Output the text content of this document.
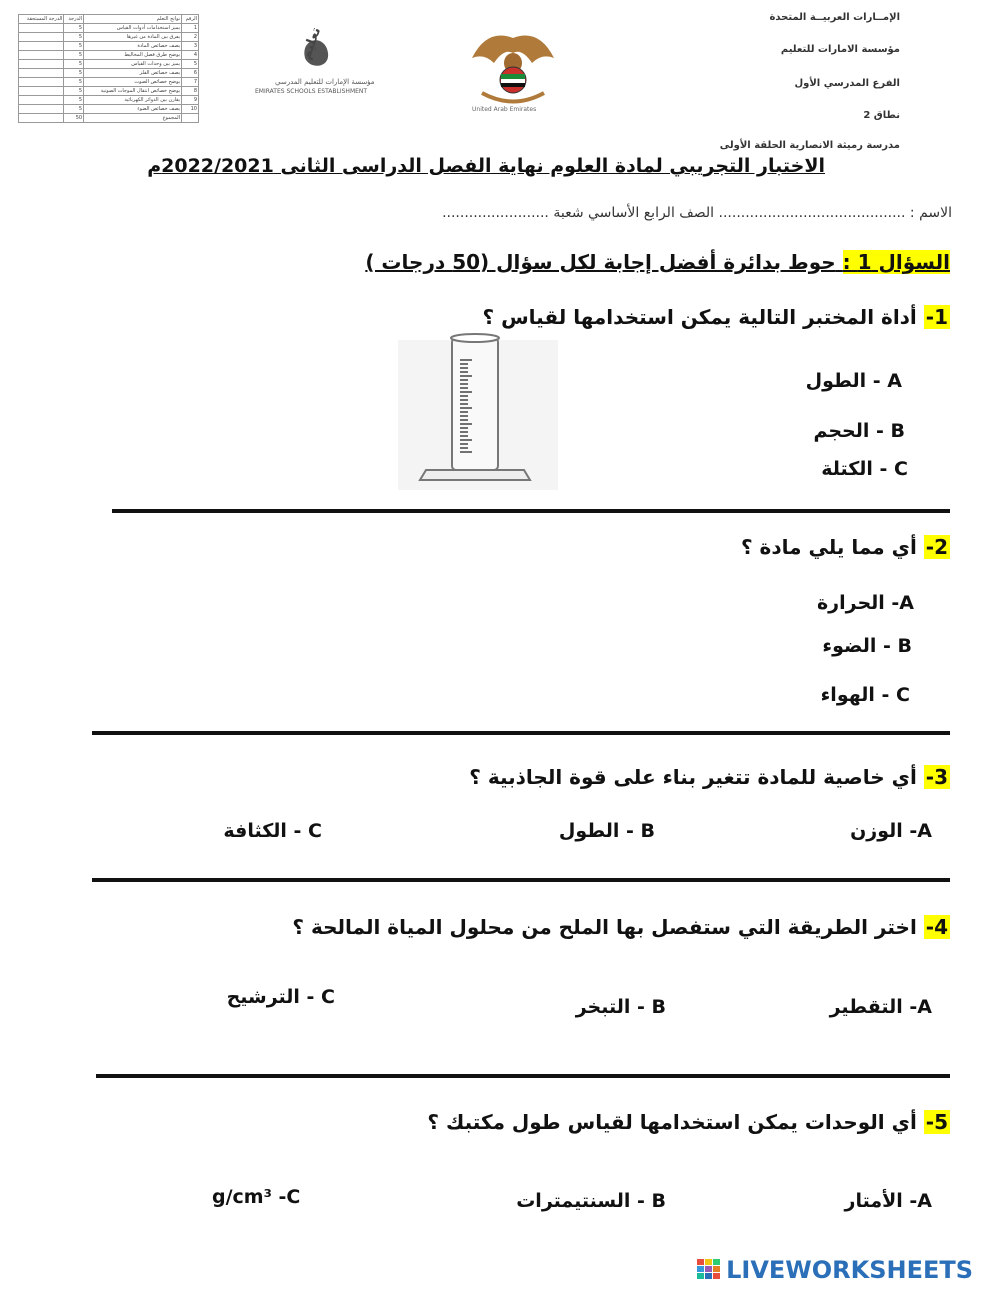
الرقم	نواتج التعلم	الدرجة	الدرجة المستحقة
1	يميز استخدامات أدوات القياس	5	
2	يفرق بين المادة من غيرها	5	
3	يصف خصائص المادة	5	
4	يوضح طرق فصل المخاليط	5	
5	يميز بين وحدات القياس	5	
6	يصف خصائص الفلز	5	
7	يوضح خصائص الصوت	5	
8	يوضح خصائص انتقال الموجات الصوتية	5	
9	يقارن بين الدوائر الكهربائية	5	
10	يصف خصائص الضوء	5	
	المجموع	50	
تعليم
مؤسسة الإمارات للتعليم المدرسي
EMIRATES SCHOOLS ESTABLISHMENT
United Arab Emirates
الإمــارات العربيــة المتحدة
مؤسسة الامارات للتعليم
الفرع المدرسي الأول
نطاق 2
مدرسة رميثة الانصارية الحلقة الأولى
الاختبار التجريبي لمادة العلوم نهاية الفصل الدراسى الثانى 2022/2021م
الاسم : .......................................... الصف الرابع الأساسي شعبة ........................
السؤال 1 : حوط بدائرة أفضل إجابة لكل سؤال (50 درجات )
1- أداة المختبر التالية يمكن استخدامها لقياس ؟
A - الطول
B - الحجم
C - الكتلة
2- أي مما يلي مادة ؟
A- الحرارة
B - الضوء
C - الهواء
3- أي خاصية للمادة تتغير بناء على قوة الجاذبية ؟
A- الوزن
B - الطول
C - الكثافة
4- اختر الطريقة التي ستفصل بها الملح من محلول المياة المالحة ؟
A- التقطير
B - التبخر
C - الترشيح
5- أي الوحدات يمكن استخدامها لقياس طول مكتبك ؟
A- الأمتار
B - السنتيمترات
g/cm³ -C
LIVEWORKSHEETS
